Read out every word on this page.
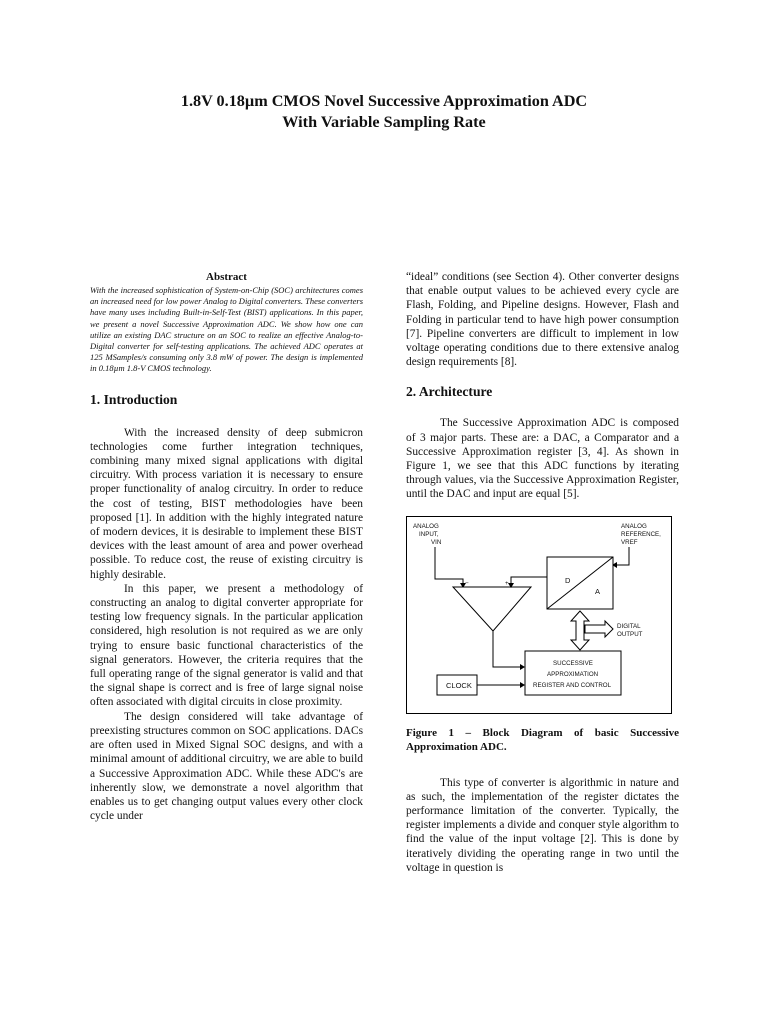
1.8V 0.18µm CMOS Novel Successive Approximation ADC
With Variable Sampling Rate

Abstract

With the increased sophistication of System-on-Chip (SOC) architectures comes an increased need for low power Analog to Digital converters. These converters have many uses including Built-in-Self-Test (BIST) applications. In this paper, we present a novel Successive Approximation ADC. We show how one can utilize an existing DAC structure on an SOC to realize an effective Analog-to-Digital converter for self-testing applications. The achieved ADC operates at 125 MSamples/s consuming only 3.8 mW of power. The design is implemented in 0.18µm 1.8-V CMOS technology.

1. Introduction

With the increased density of deep submicron technologies come further integration techniques, combining many mixed signal applications with digital circuitry. With process variation it is necessary to ensure proper functionality of analog circuitry. In order to reduce the cost of testing, BIST methodologies have been proposed [1]. In addition with the highly integrated nature of modern devices, it is desirable to implement these BIST devices with the least amount of area and power overhead possible. To reduce cost, the reuse of existing circuitry is highly desirable.

In this paper, we present a methodology of constructing an analog to digital converter appropriate for testing low frequency signals. In the particular application considered, high resolution is not required as we are only trying to ensure basic functional characteristics of the signal generators. However, the criteria requires that the full operating range of the signal generator is valid and that the signal shape is correct and is free of large signal noise often associated with digital circuits in close proximity.

The design considered will take advantage of preexisting structures common on SOC applications. DACs are often used in Mixed Signal SOC designs, and with a minimal amount of additional circuitry, we are able to build a Successive Approximation ADC. While these ADC's are inherently slow, we demonstrate a novel algorithm that enables us to get changing output values every other clock cycle under

“ideal” conditions (see Section 4). Other converter designs that enable output values to be achieved every cycle are Flash, Folding, and Pipeline designs. However, Flash and Folding in particular tend to have high power consumption [7]. Pipeline converters are difficult to implement in low voltage operating conditions due to there extensive analog design requirements [8].

2. Architecture

The Successive Approximation ADC is composed of 3 major parts. These are: a DAC, a Comparator and a Successive Approximation register [3, 4]. As shown in Figure 1, we see that this ADC functions by iterating through values, via the Successive Approximation Register, until the DAC and input are equal [5].

ANALOG
INPUT,
VIN
ANALOG
REFERENCE,
VREF
−	+	D
A
DIGITAL
OUTPUT
SUCCESSIVE
APPROXIMATION
REGISTER AND CONTROL
CLOCK

Figure 1 – Block Diagram of basic Successive Approximation ADC.

This type of converter is algorithmic in nature and as such, the implementation of the register dictates the performance limitation of the converter. Typically, the register implements a divide and conquer style algorithm to find the value of the input voltage [2]. This is done by iteratively dividing the operating range in two until the voltage in question is
